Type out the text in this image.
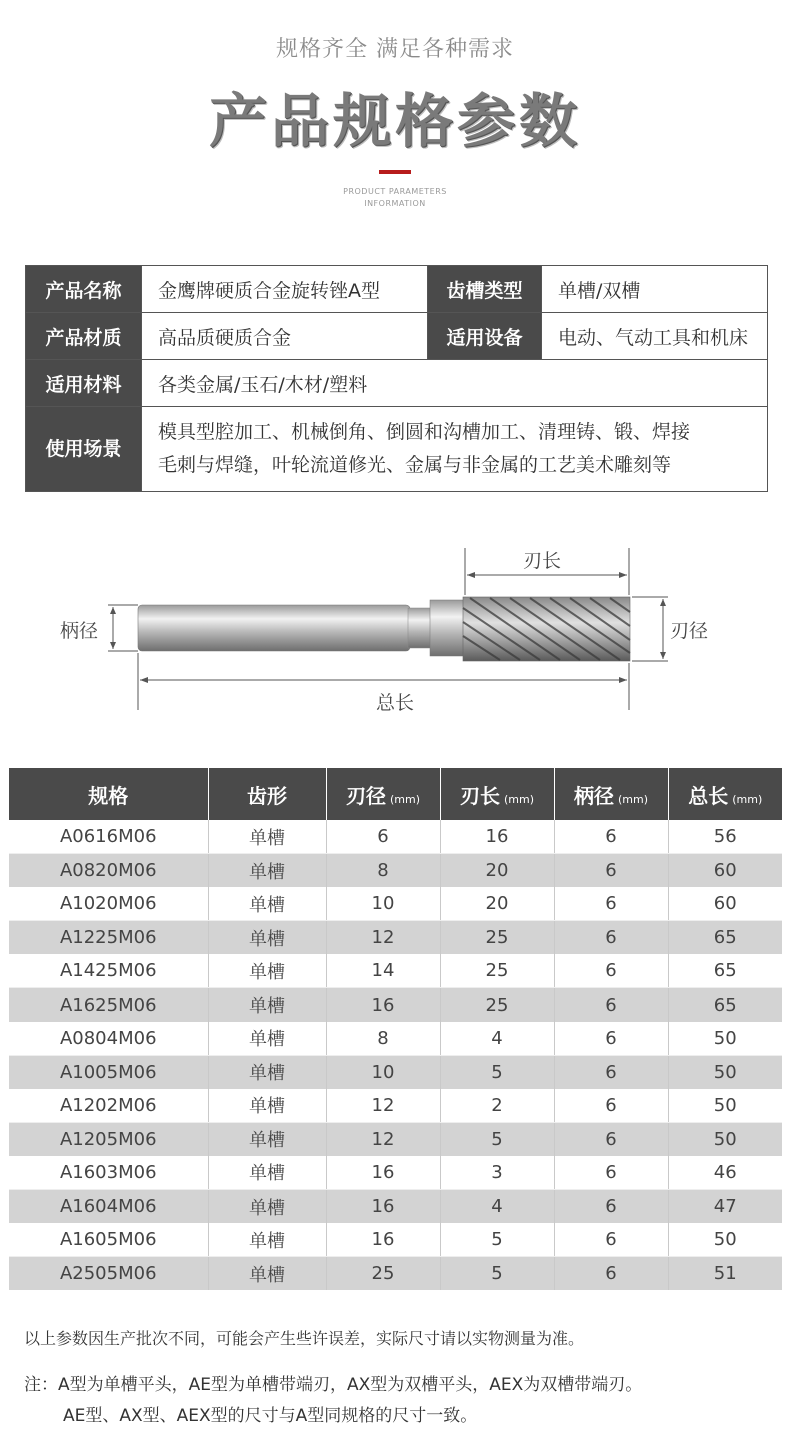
规格齐全 满足各种需求
产品规格参数
PRODUCT PARAMETERS
INFORMATION
产品名称	金鹰牌硬质合金旋转锉A型	齿槽类型	单槽/双槽
产品材质	高品质硬质合金	适用设备	电动、气动工具和机床
适用材料	各类金属/玉石/木材/塑料		
使用场景	模具型腔加工、机械倒角、倒圆和沟槽加工、清理铸、锻、焊接
毛刺与焊缝，叶轮流道修光、金属与非金属的工艺美术雕刻等		
刃长
柄径	刃径
总长
规格	齿形	刃径 (mm)	刃长 (mm)	柄径 (mm)	总长 (mm)
A0616M06	单槽	6	16	6	56
A0820M06	单槽	8	20	6	60
A1020M06	单槽	10	20	6	60
A1225M06	单槽	12	25	6	65
A1425M06	单槽	14	25	6	65
A1625M06	单槽	16	25	6	65
A0804M06	单槽	8	4	6	50
A1005M06	单槽	10	5	6	50
A1202M06	单槽	12	2	6	50
A1205M06	单槽	12	5	6	50
A1603M06	单槽	16	3	6	46
A1604M06	单槽	16	4	6	47
A1605M06	单槽	16	5	6	50
A2505M06	单槽	25	5	6	51
以上参数因生产批次不同，可能会产生些许误差，实际尺寸请以实物测量为准。
注：A型为单槽平头，AE型为单槽带端刃，AX型为双槽平头，AEX为双槽带端刃。
AE型、AX型、AEX型的尺寸与A型同规格的尺寸一致。
